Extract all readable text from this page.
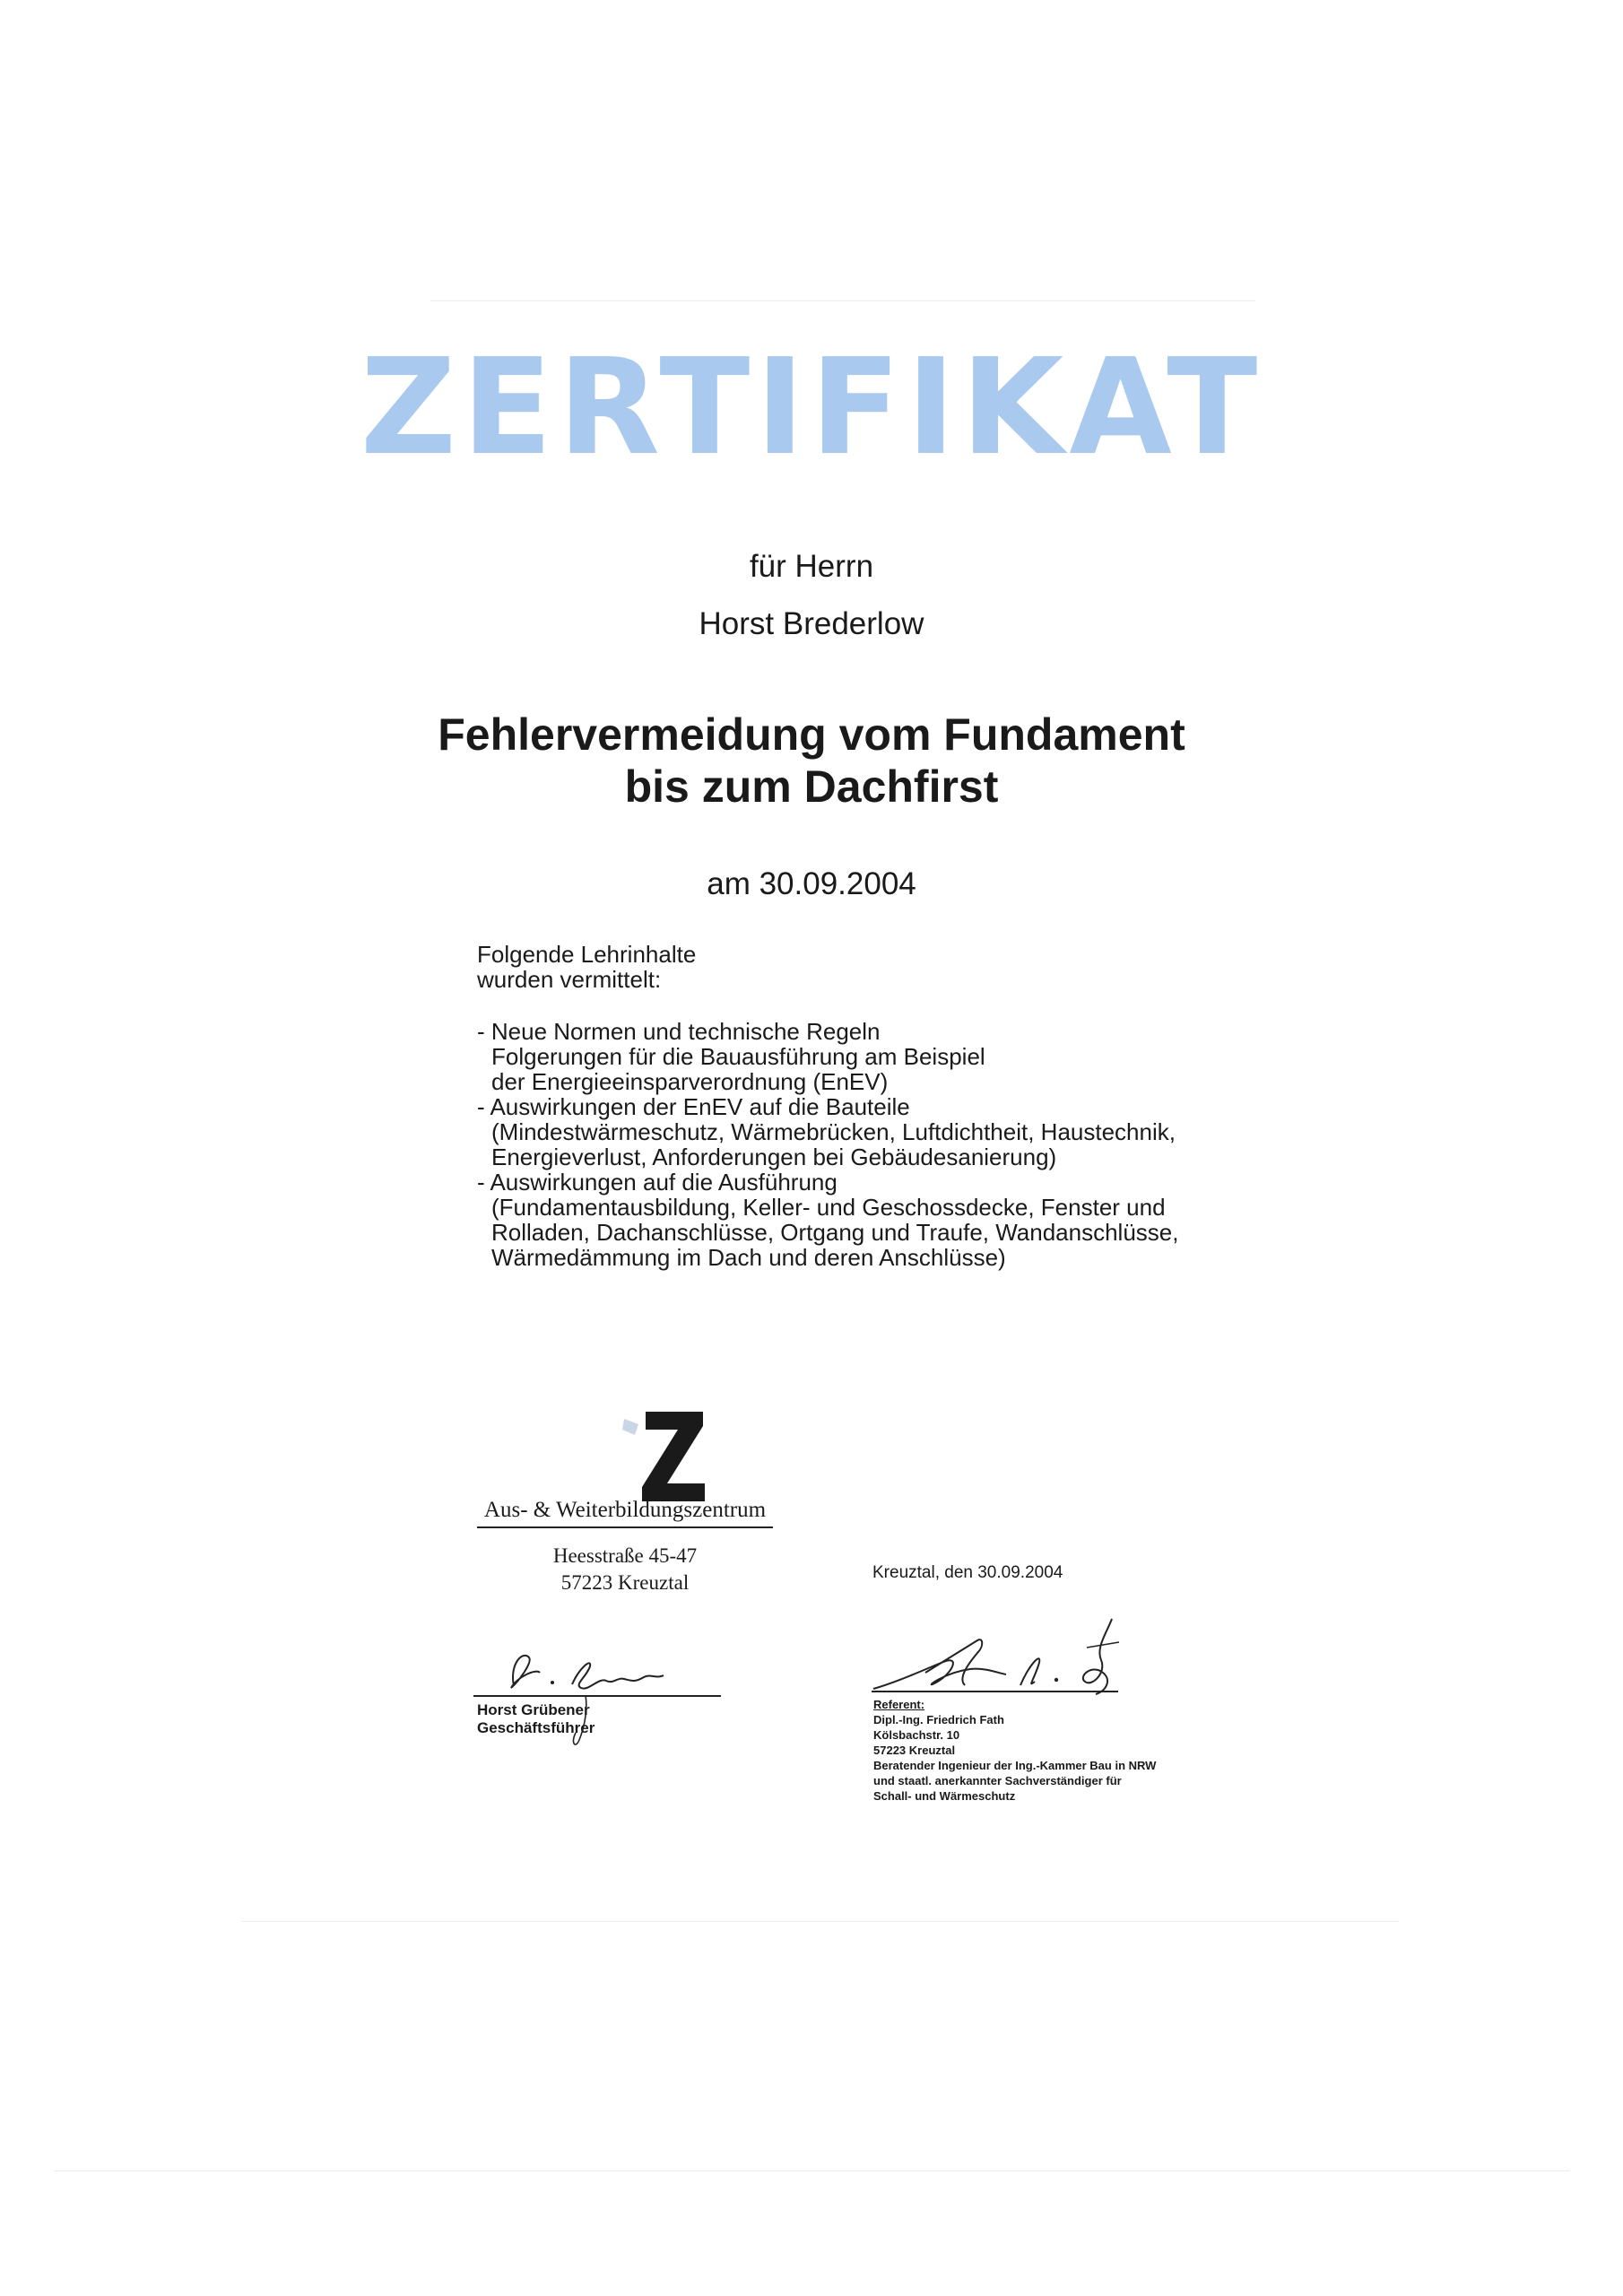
ZERTIFIKAT
für Herrn
Horst Brederlow
Fehlervermeidung vom Fundament
bis zum Dachfirst
am 30.09.2004
Folgende Lehrinhalte
wurden vermittelt:
- Neue Normen und technische Regeln
Folgerungen für die Bauausführung am Beispiel
der Energieeinsparverordnung (EnEV)
- Auswirkungen der EnEV auf die Bauteile
(Mindestwärmeschutz, Wärmebrücken, Luftdichtheit, Haustechnik,
Energieverlust, Anforderungen bei Gebäudesanierung)
- Auswirkungen auf die Ausführung
(Fundamentausbildung, Keller- und Geschossdecke, Fenster und
Rolladen, Dachanschlüsse, Ortgang und Traufe, Wandanschlüsse,
Wärmedämmung im Dach und deren Anschlüsse)
Aus- & Weiterbildungszentrum
Heesstraße 45-47
57223 Kreuztal	Kreuztal, den 30.09.2004
Horst Grübener
Geschäftsführer
Referent:
Dipl.-Ing. Friedrich Fath
Kölsbachstr. 10
57223 Kreuztal
Beratender Ingenieur der Ing.-Kammer Bau in NRW
und staatl. anerkannter Sachverständiger für
Schall- und Wärmeschutz
